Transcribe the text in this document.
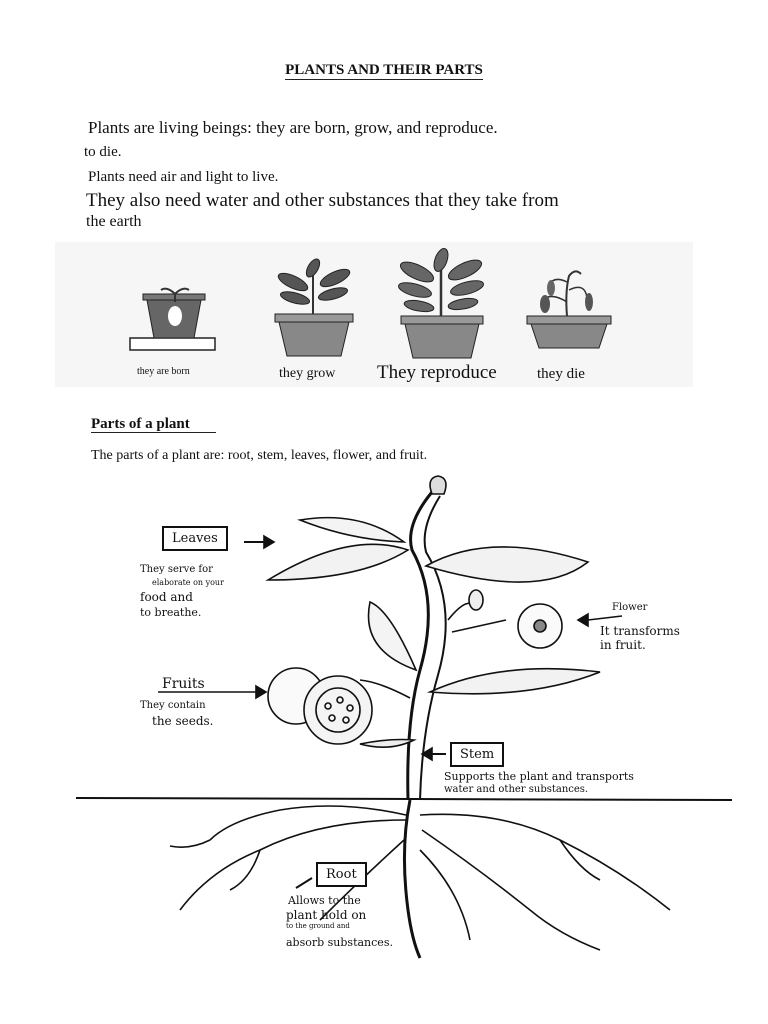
PLANTS AND THEIR PARTS
Plants are living beings: they are born, grow, and reproduce.
to die.
Plants need air and light to live.
They also need water and other substances that they take from
the earth
they are born	they grow They reproduce	they die
Parts of a plant
The parts of a plant are: root, stem, leaves, flower, and fruit.
Leaves
They serve for
elaborate on your
food and
to breathe.	Flower
It transforms
in fruit.
Fruits
They contain
the seeds.
Stem
Supports the plant and transports
water and other substances.
Root
Allows to the
plant hold on
to the ground and
absorb substances.
